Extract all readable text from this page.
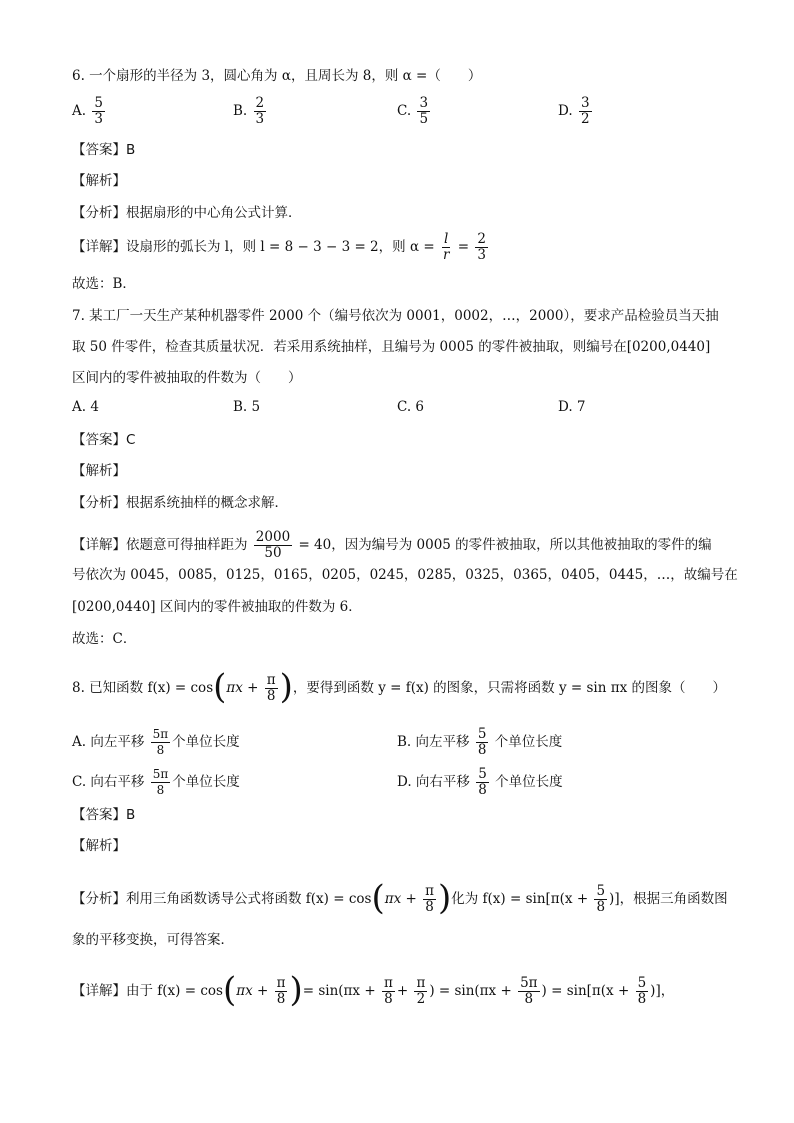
6. 一个扇形的半径为 3，圆心角为 α，且周长为 8，则 α =（　　）
A. $\frac{5}{3}$	B. $\frac{2}{3}$	C. $\frac{3}{5}$	D. $\frac{3}{2}$
【答案】B
【解析】
【分析】根据扇形的中心角公式计算．
【详解】设扇形的弧长为 l，则 l = 8 − 3 − 3 = 2，则 $\alpha = \frac{l}{r} = \frac{2}{3}$
故选：B．
7. 某工厂一天生产某种机器零件 2000 个（编号依次为 0001，0002，…，2000），要求产品检验员当天抽
取 50 件零件，检查其质量状况．若采用系统抽样，且编号为 0005 的零件被抽取，则编号在[0200,0440]
区间内的零件被抽取的件数为（　　）
A. 4	B. 5	C. 6	D. 7
【答案】C
【解析】
【分析】根据系统抽样的概念求解．
【详解】依题意可得抽样距为 $\frac{2000}{50} = 40$，因为编号为 0005 的零件被抽取，所以其他被抽取的零件的编
号依次为 0045，0085，0125，0165，0205，0245，0285，0325，0365，0405，0445，…，故编号在
[0200,0440] 区间内的零件被抽取的件数为 6．
故选：C．
8. 已知函数 $f(x) = \cos(\pi x + \frac{\pi}{8}$ )，要得到函数 y = f(x) 的图象，只需将函数 y = sin πx 的图象（　　）
A. 向左平移 $\frac{5\pi}{8}$ 个单位长度	B. 向左平移 $\frac{5}{8}$ 个单位长度
C. 向右平移 $\frac{5\pi}{8}$ 个单位长度	D. 向右平移 $\frac{5}{8}$ 个单位长度
【答案】B
【解析】
【分析】利用三角函数诱导公式将函数 $f(x) = \cos(\pi x + \frac{\pi}{8}$ )化为 $f(x) = \sin[\pi(x + \frac{5}{8}$ )]，根据三角函数图
象的平移变换，可得答案．
【详解】由于 $f(x) = \cos(\pi x + \frac{\pi}{8}$ )= $\sin(\pi x + \frac{\pi}{8} + \frac{\pi}{2}$ ) = $\sin(\pi x + \frac{5\pi}{8}$ ) = $\sin[\pi(x + \frac{5}{8}$ )]，
